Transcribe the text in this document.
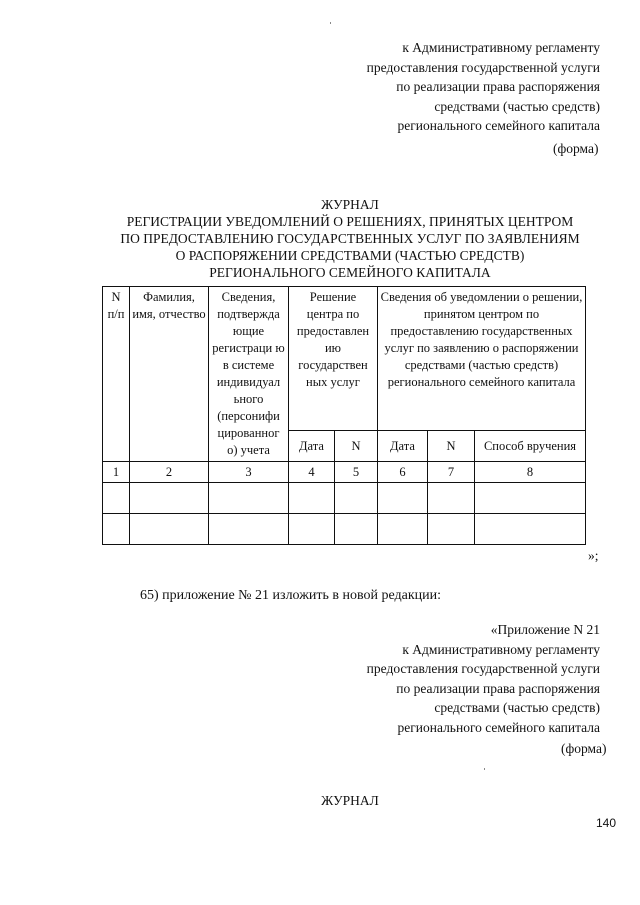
к Административному регламенту
предоставления государственной услуги
по реализации права распоряжения
средствами (частью средств)
регионального семейного капитала
(форма)
ЖУРНАЛ
РЕГИСТРАЦИИ УВЕДОМЛЕНИЙ О РЕШЕНИЯХ, ПРИНЯТЫХ ЦЕНТРОМ
ПО ПРЕДОСТАВЛЕНИЮ ГОСУДАРСТВЕННЫХ УСЛУГ ПО ЗАЯВЛЕНИЯМ
О РАСПОРЯЖЕНИИ СРЕДСТВАМИ (ЧАСТЬЮ СРЕДСТВ)
РЕГИОНАЛЬНОГО СЕМЕЙНОГО КАПИТАЛА
N п/п	Фамилия, имя, отчество	Сведения, подтвержда ющие регистраци ю в системе индивидуал ьного (персонифи цированног о) учета	Решение центра по предоставлен ию государствен ных услуг		Сведения об уведомлении о решении, принятом центром по предоставлению государственных услуг по заявлению о распоряжении средствами (частью средств) регионального семейного капитала		
			Дата	N	Дата	N	Способ вручения
1	2	3	4	5	6	7	8

»;
65) приложение № 21 изложить в новой редакции:
«Приложение N 21
к Административному регламенту
предоставления государственной услуги
по реализации права распоряжения
средствами (частью средств)
регионального семейного капитала
(форма)
ЖУРНАЛ
140
